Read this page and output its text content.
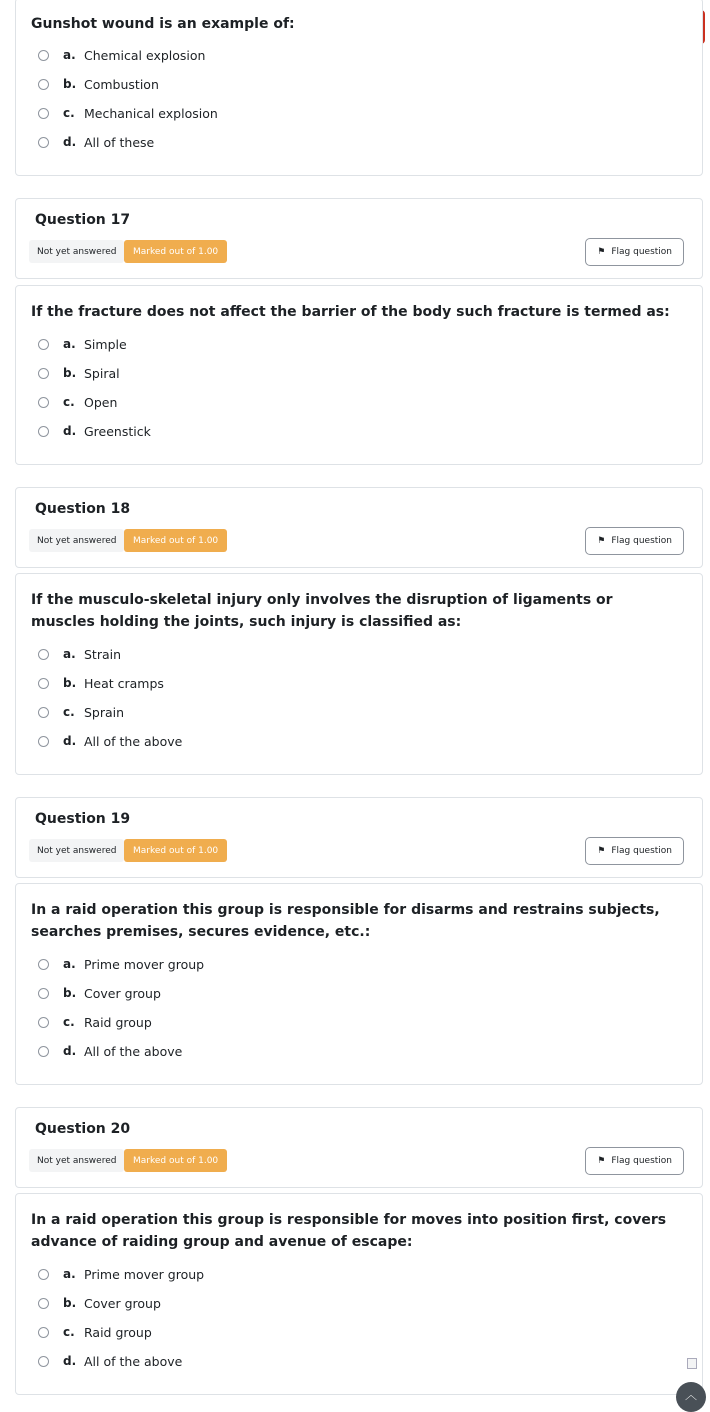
Gunshot wound is an example of:
a. Chemical explosion
b. Combustion
c. Mechanical explosion
d. All of these
Question 17
Not yet answered	Marked out of 1.00	⚑ Flag question
If the fracture does not affect the barrier of the body such fracture is termed as:
a. Simple
b. Spiral
c. Open
d. Greenstick
Question 18
Not yet answered	Marked out of 1.00	⚑ Flag question
If the musculo-skeletal injury only involves the disruption of ligaments or muscles holding the joints, such injury is classified as:
a. Strain
b. Heat cramps
c. Sprain
d. All of the above
Question 19
Not yet answered	Marked out of 1.00	⚑ Flag question
In a raid operation this group is responsible for disarms and restrains subjects, searches premises, secures evidence, etc.:
a. Prime mover group
b. Cover group
c. Raid group
d. All of the above
Question 20
Not yet answered	Marked out of 1.00	⚑ Flag question
In a raid operation this group is responsible for moves into position first, covers advance of raiding group and avenue of escape:
a. Prime mover group
b. Cover group
c. Raid group
d. All of the above
︿
